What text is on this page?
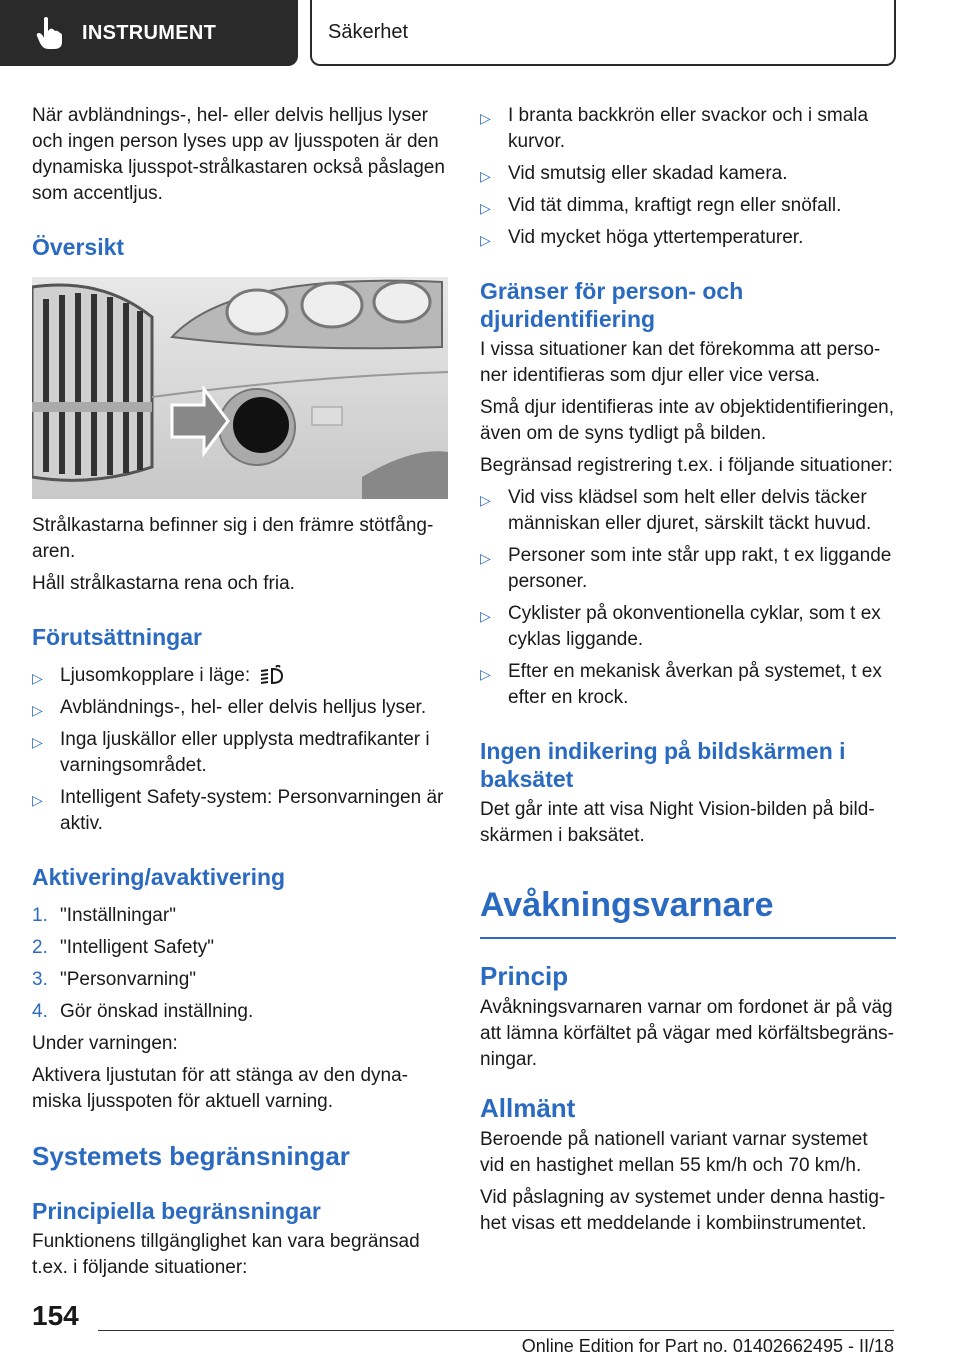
INSTRUMENT	Säkerhet

När avbländnings-, hel- eller delvis helljus lyser och ingen person lyses upp av ljusspoten är den dynamiska ljusspot-strålkastaren också påslagen som accentljus.

Översikt

Strålkastarna befinner sig i den främre stötfångaren.

Håll strålkastarna rena och fria.

Förutsättningar
▷ Ljusomkopplare i läge:
▷ Avbländnings-, hel- eller delvis helljus lyser.
▷ Inga ljuskällor eller upplysta medtrafikanter i varningsområdet.
▷ Intelligent Safety-system: Personvarningen är aktiv.
Aktivering/avaktivering
1. "Inställningar"
2. "Intelligent Safety"
3. "Personvarning"
4. Gör önskad inställning.

Under varningen:

Aktivera ljustutan för att stänga av den dynamiska ljusspoten för aktuell varning.

Systemets begränsningar
Principiella begränsningar

Funktionens tillgänglighet kan vara begränsad t.ex. i följande situationer:

▷ I branta backkrön eller svackor och i smala kurvor.
▷ Vid smutsig eller skadad kamera.
▷ Vid tät dimma, kraftigt regn eller snöfall.
▷ Vid mycket höga yttertemperaturer.
Gränser för person- och djuridentifiering

I vissa situationer kan det förekomma att personer identifieras som djur eller vice versa.

Små djur identifieras inte av objektidentifieringen, även om de syns tydligt på bilden.

Begränsad registrering t.ex. i följande situationer:

▷ Vid viss klädsel som helt eller delvis täcker människan eller djuret, särskilt täckt huvud.
▷ Personer som inte står upp rakt, t ex liggande personer.
▷ Cyklister på okonventionella cyklar, som t ex cyklas liggande.
▷ Efter en mekanisk åverkan på systemet, t ex efter en krock.
Ingen indikering på bildskärmen i baksätet

Det går inte att visa Night Vision-bilden på bildskärmen i baksätet.

Avåkningsvarnare
Princip

Avåkningsvarnaren varnar om fordonet är på väg att lämna körfältet på vägar med körfältsbegränsningar.

Allmänt

Beroende på nationell variant varnar systemet vid en hastighet mellan 55 km/h och 70 km/h.

Vid påslagning av systemet under denna hastighet visas ett meddelande i kombiinstrumentet.

154
Online Edition for Part no. 01402662495 - II/18
